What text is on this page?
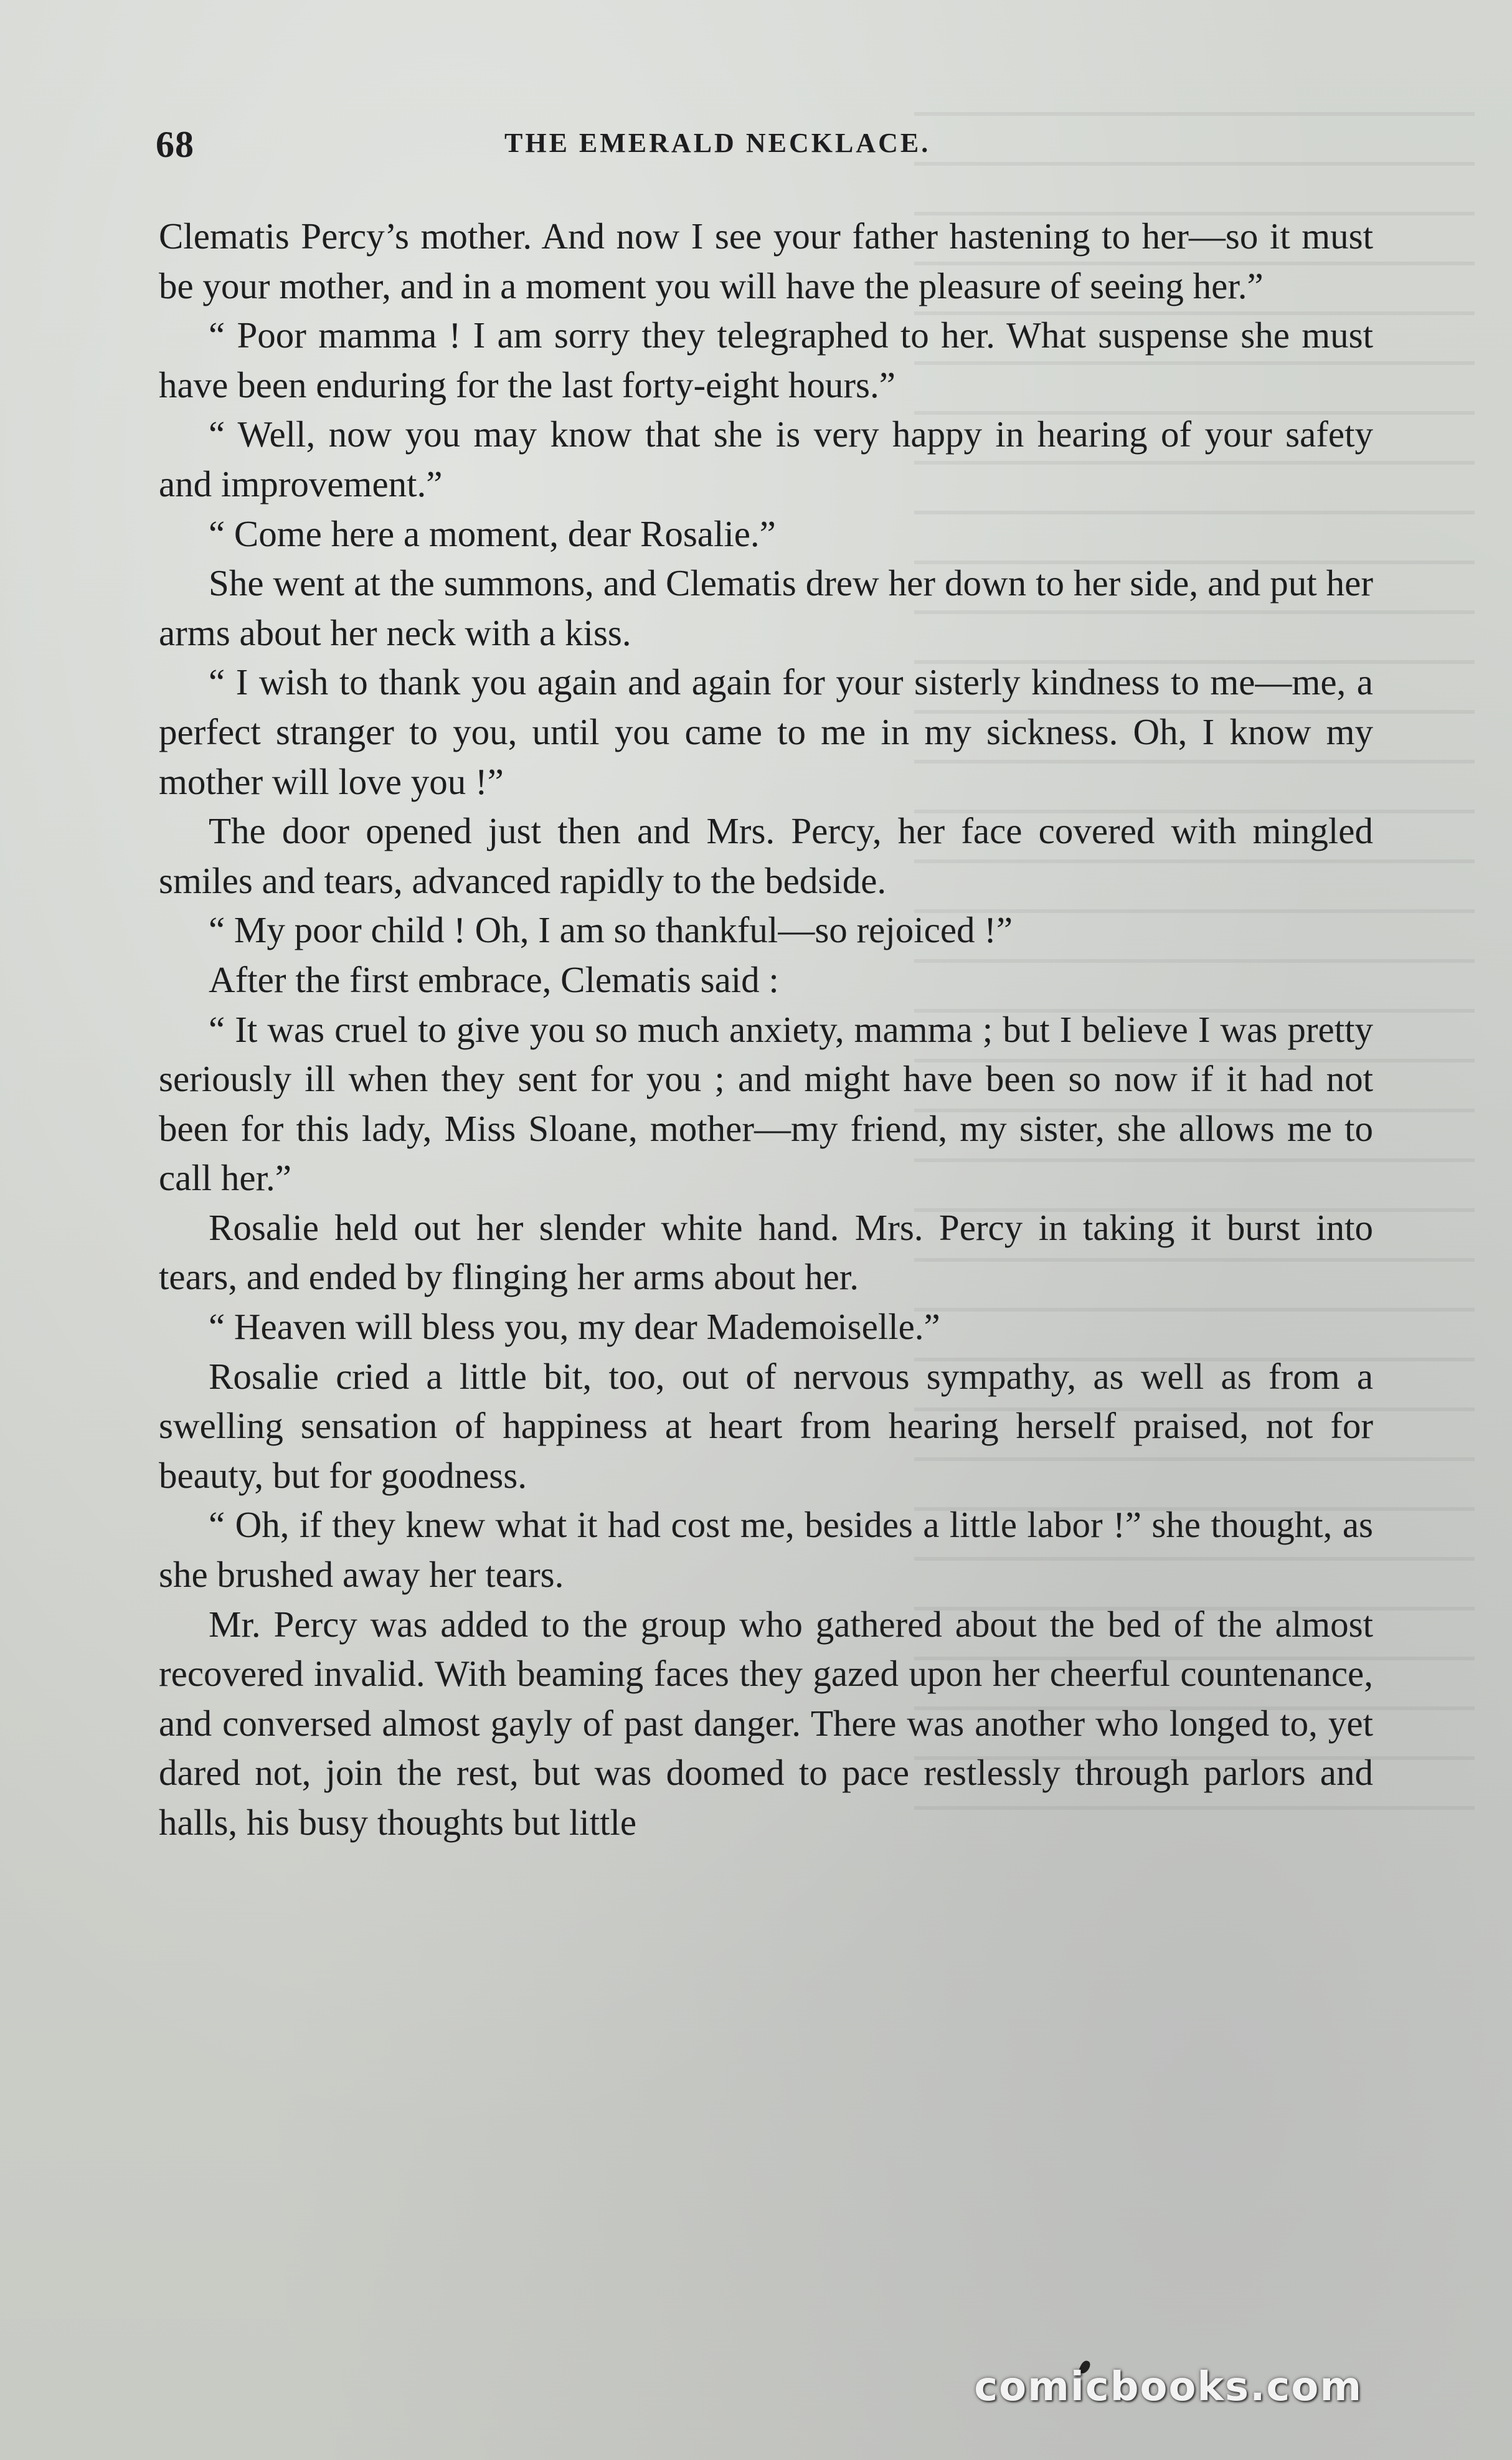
68	THE EMERALD NECKLACE.

Clematis Percy’s mother. And now I see your father hastening to her—so it must be your mother, and in a moment you will have the pleasure of seeing her.”

“ Poor mamma ! I am sorry they telegraphed to her. What suspense she must have been enduring for the last forty-eight hours.”

“ Well, now you may know that she is very happy in hearing of your safety and improvement.”

“ Come here a moment, dear Rosalie.”

She went at the summons, and Clematis drew her down to her side, and put her arms about her neck with a kiss.

“ I wish to thank you again and again for your sisterly kindness to me—me, a perfect stranger to you, until you came to me in my sickness. Oh, I know my mother will love you !”

The door opened just then and Mrs. Percy, her face covered with mingled smiles and tears, advanced rapidly to the bedside.

“ My poor child ! Oh, I am so thankful—so rejoiced !”

After the first embrace, Clematis said :

“ It was cruel to give you so much anxiety, mamma ; but I believe I was pretty seriously ill when they sent for you ; and might have been so now if it had not been for this lady, Miss Sloane, mother—my friend, my sister, she allows me to call her.”

Rosalie held out her slender white hand. Mrs. Percy in taking it burst into tears, and ended by flinging her arms about her.

“ Heaven will bless you, my dear Mademoiselle.”

Rosalie cried a little bit, too, out of nervous sympathy, as well as from a swelling sensation of happiness at heart from hearing herself praised, not for beauty, but for goodness.

“ Oh, if they knew what it had cost me, besides a little labor !” she thought, as she brushed away her tears.

Mr. Percy was added to the group who gathered about the bed of the almost recovered invalid. With beaming faces they gazed upon her cheerful countenance, and conversed almost gayly of past danger. There was another who longed to, yet dared not, join the rest, but was doomed to pace restlessly through parlors and halls, his busy thoughts but little

comicbooks.com
